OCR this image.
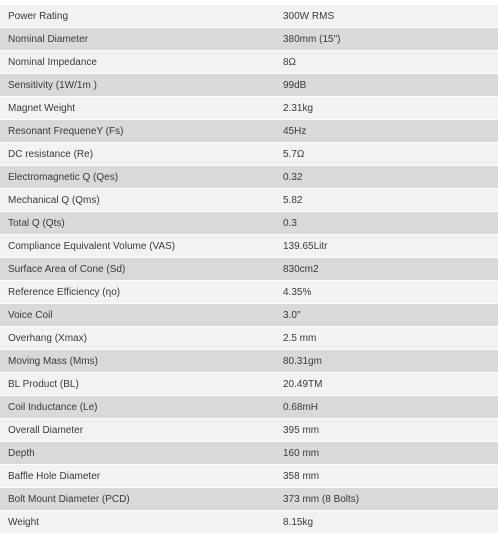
Power Rating	300W RMS
Nominal Diameter	380mm (15")
Nominal Impedance	8Ω
Sensitivity (1W/1m )	99dB
Magnet Weight	2.31kg
Resonant FrequeneY (Fs)	45Hz
DC resistance (Re)	5.7Ω
Electromagnetic Q (Qes)	0.32
Mechanical Q (Qms)	5.82
Total Q (Qts)	0.3
Compliance Equivalent Volume (VAS)	139.65Litr
Surface Area of Cone (Sd)	830cm2
Reference Efficiency (ηo)	4.35%
Voice Coil	3.0"
Overhang (Xmax)	2.5 mm
Moving Mass (Mms)	80.31gm
BL Product (BL)	20.49TM
Coil Inductance (Le)	0.68mH
Overall Diameter	395 mm
Depth	160 mm
Baffle Hole Diameter	358 mm
Bolt Mount Diameter (PCD)	373 mm (8 Bolts)
Weight	8.15kg
